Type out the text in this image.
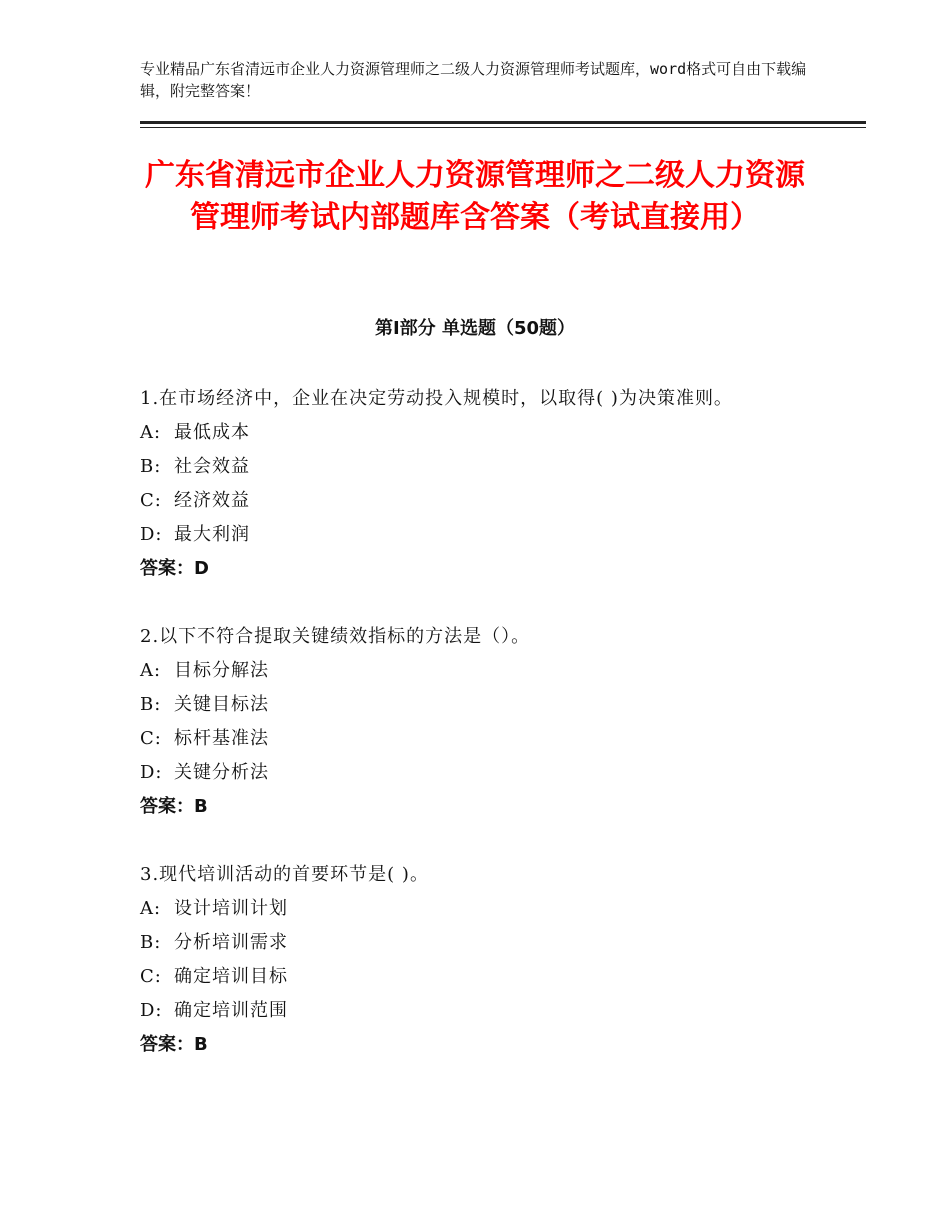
专业精品广东省清远市企业人力资源管理师之二级人力资源管理师考试题库，word格式可自由下载编辑，附完整答案！
广东省清远市企业人力资源管理师之二级人力资源管理师考试内部题库含答案（考试直接用）
第Ⅰ部分 单选题（50题）
1.在市场经济中，企业在决定劳动投入规模时，以取得( )为决策准则。
A: 最低成本
B: 社会效益
C: 经济效益
D: 最大利润
答案：D
2.以下不符合提取关键绩效指标的方法是（）。
A: 目标分解法
B: 关键目标法
C: 标杆基准法
D: 关键分析法
答案：B
3.现代培训活动的首要环节是( )。
A: 设计培训计划
B: 分析培训需求
C: 确定培训目标
D: 确定培训范围
答案：B
